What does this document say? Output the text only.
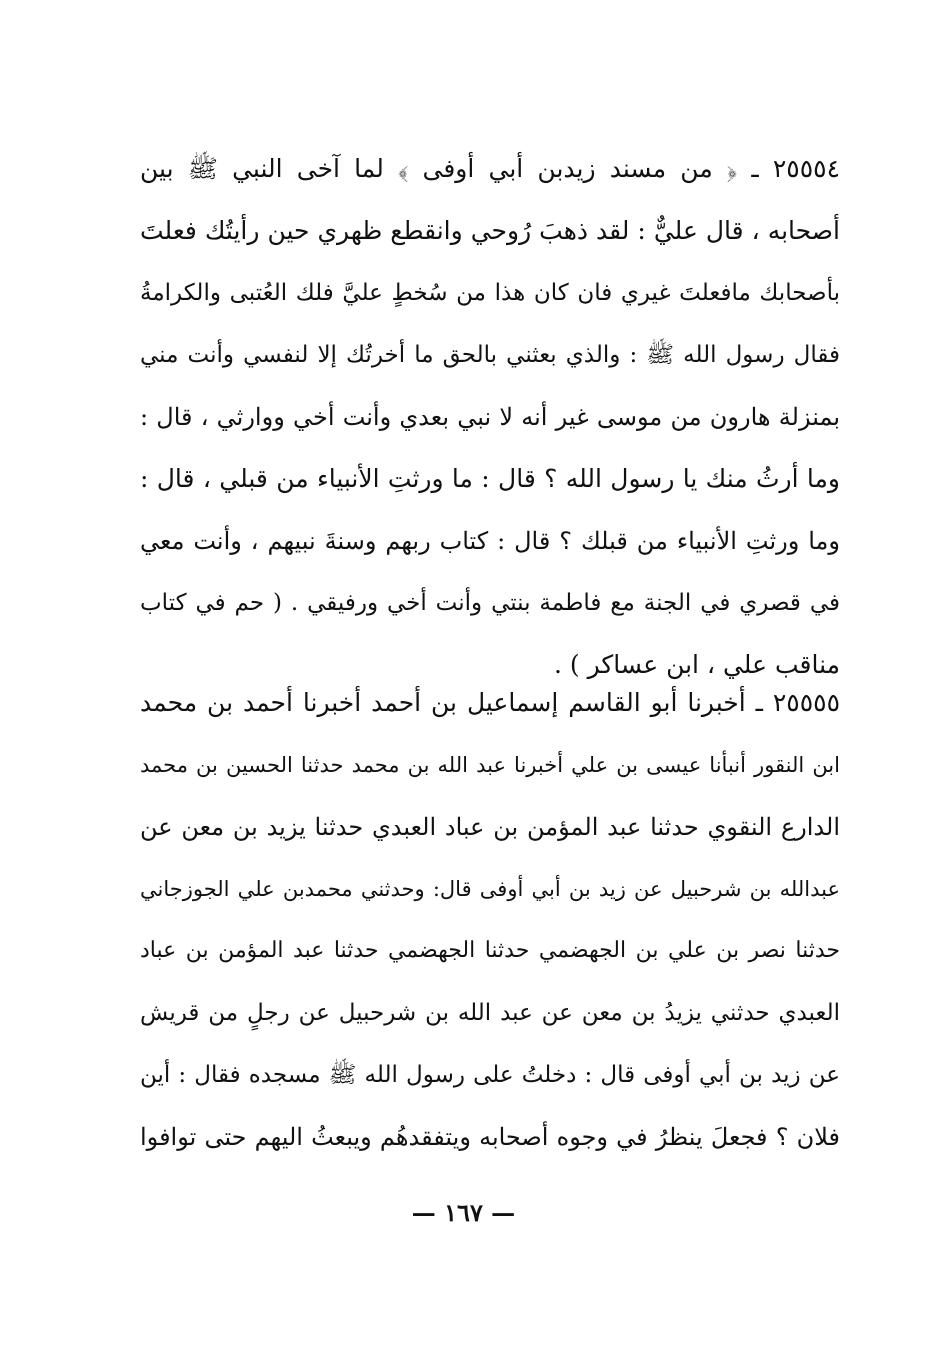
٢٥٥٥٤ ـ ﴿ من مسند زيدبن أبي أوفى ﴾ لما آخى النبي ﷺ بين
أصحابه ، قال عليٌّ : لقد ذهبَ رُوحي وانقطع ظهري حين رأيتُك فعلتَ
بأصحابك مافعلتَ غيري فان كان هذا من سُخطٍ عليَّ فلك العُتبى والكرامةُ
فقال رسول الله ﷺ : والذي بعثني بالحق ما أخرتُك إلا لنفسي وأنت مني
بمنزلة هارون من موسى غير أنه لا نبي بعدي وأنت أخي ووارثي ، قال :
وما أرثُ منك يا رسول الله ؟ قال : ما ورثتِ الأنبياء من قبلي ، قال :
وما ورثتِ الأنبياء من قبلك ؟ قال : كتاب ربهم وسنةَ نبيهم ، وأنت معي
في قصري في الجنة مع فاطمة بنتي وأنت أخي ورفيقي . ( حم في كتاب
مناقب علي ، ابن عساكر ) .
٢٥٥٥٥ ـ أخبرنا أبو القاسم إسماعيل بن أحمد أخبرنا أحمد بن محمد
ابن النقور أنبأنا عيسى بن علي أخبرنا عبد الله بن محمد حدثنا الحسين بن محمد
الدارع النقوي حدثنا عبد المؤمن بن عباد العبدي حدثنا يزيد بن معن عن
عبدالله بن شرحبيل عن زيد بن أبي أوفى قال: وحدثني محمدبن علي الجوزجاني
حدثنا نصر بن علي بن الجهضمي حدثنا الجهضمي حدثنا عبد المؤمن بن عباد
العبدي حدثني يزيدُ بن معن عن عبد الله بن شرحبيل عن رجلٍ من قريش
عن زيد بن أبي أوفى قال : دخلتُ على رسول الله ﷺ مسجده فقال : أين
فلان ؟ فجعلَ ينظرُ في وجوه أصحابه ويتفقدهُم ويبعثُ اليهم حتى توافوا
— ١٦٧ —
